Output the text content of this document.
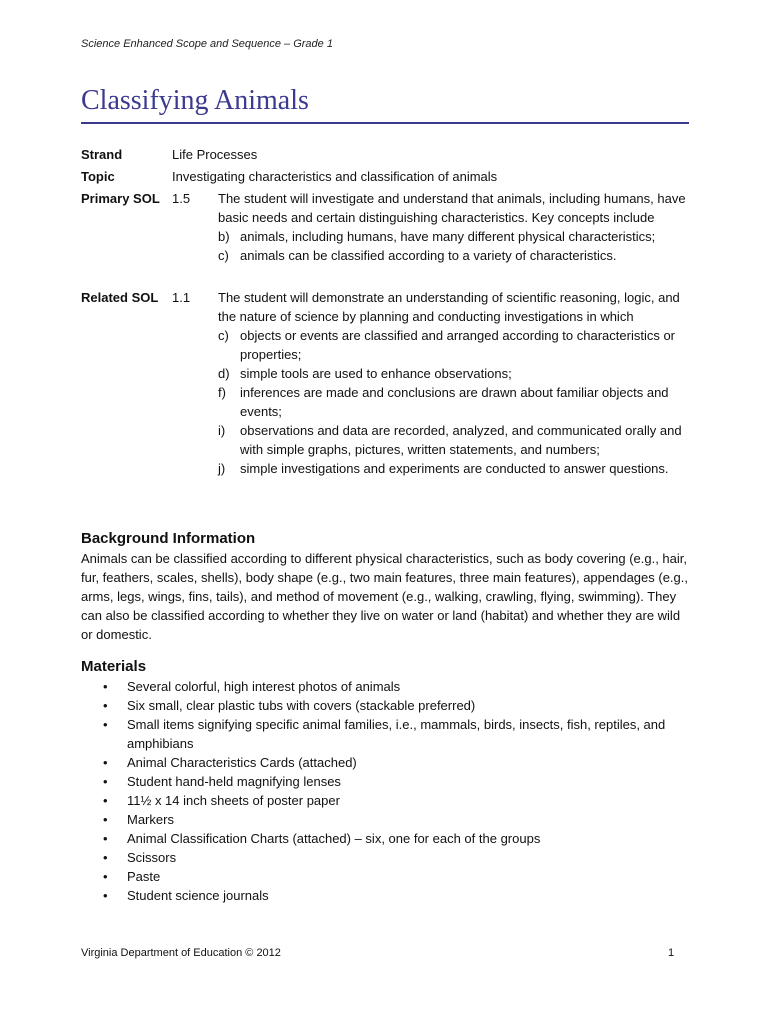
Science Enhanced Scope and Sequence – Grade 1
Classifying Animals
Strand	Life Processes
Topic	Investigating characteristics and classification of animals
Primary SOL 1.5 The student will investigate and understand that animals, including humans, have basic needs and certain distinguishing characteristics. Key concepts include
b) animals, including humans, have many different physical characteristics;
c) animals can be classified according to a variety of characteristics.
Related SOL 1.1 The student will demonstrate an understanding of scientific reasoning, logic, and the nature of science by planning and conducting investigations in which
c) objects or events are classified and arranged according to characteristics or properties;
d) simple tools are used to enhance observations;
f) inferences are made and conclusions are drawn about familiar objects and events;
i) observations and data are recorded, analyzed, and communicated orally and with simple graphs, pictures, written statements, and numbers;
j) simple investigations and experiments are conducted to answer questions.
Background Information
Animals can be classified according to different physical characteristics, such as body covering (e.g., hair, fur, feathers, scales, shells), body shape (e.g., two main features, three main features), appendages (e.g., arms, legs, wings, fins, tails), and method of movement (e.g., walking, crawling, flying, swimming). They can also be classified according to whether they live on water or land (habitat) and whether they are wild or domestic.
Materials
• Several colorful, high interest photos of animals
• Six small, clear plastic tubs with covers (stackable preferred)
• Small items signifying specific animal families, i.e., mammals, birds, insects, fish, reptiles, and amphibians
• Animal Characteristics Cards (attached)
• Student hand-held magnifying lenses
• 11½ x 14 inch sheets of poster paper
• Markers
• Animal Classification Charts (attached) – six, one for each of the groups
• Scissors
• Paste
• Student science journals
Virginia Department of Education © 2012	1
